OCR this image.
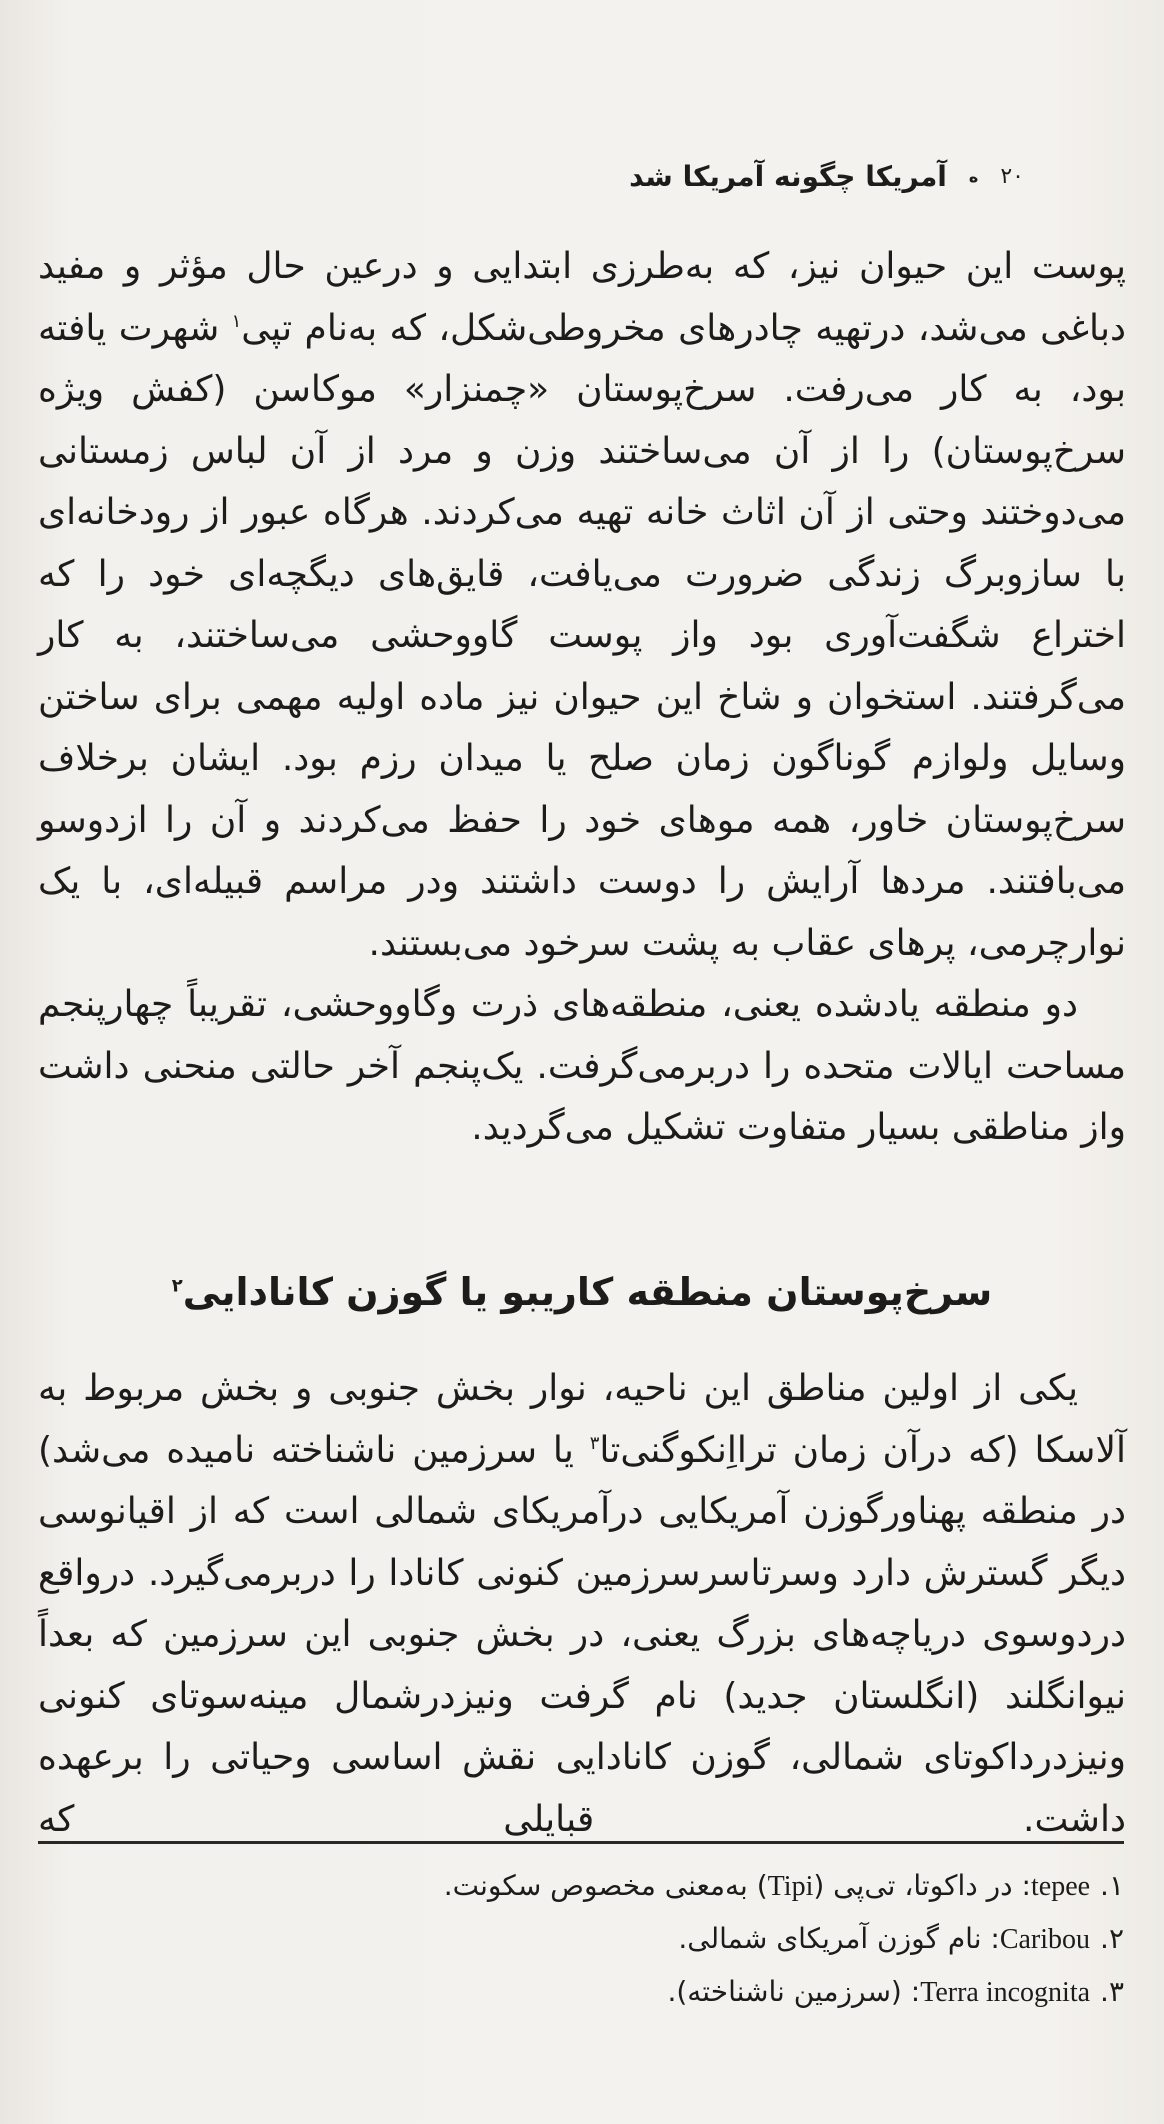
۲۰
ه
آمریکا چگونه آمریکا شد

پوست این حیوان نیز، که به‌طرزی ابتدایی و درعین حال مؤثر و مفید دباغی می‌شد، درتهیه چادرهای مخروطی‌شکل، که به‌نام تپی$^۱$ شهرت یافته بود، به کار می‌رفت. سرخ‌پوستان «چمنزار» موکاسن (کفش ویژه سرخ‌پوستان) را از آن می‌ساختند وزن و مرد از آن لباس زمستانی می‌دوختند وحتی از آن اثاث خانه تهیه می‌کردند. هرگاه عبور از رودخانه‌ای با سازوبرگ زندگی ضرورت می‌یافت، قایق‌های دیگچه‌ای خود را که اختراع شگفت‌آوری بود واز پوست گاووحشی می‌ساختند، به کار می‌گرفتند. استخوان و شاخ این حیوان نیز ماده اولیه مهمی برای ساختن وسایل ولوازم گوناگون زمان صلح یا میدان رزم بود. ایشان برخلاف سرخ‌پوستان خاور، همه موهای خود را حفظ می‌کردند و آن را ازدوسو می‌بافتند. مردها آرایش را دوست داشتند ودر مراسم قبیله‌ای، با یک نوارچرمی، پرهای عقاب به پشت سرخود می‌بستند.

دو منطقه یادشده یعنی، منطقه‌های ذرت وگاووحشی، تقریباً چهارپنجم مساحت ایالات متحده را دربرمی‌گرفت. یک‌پنجم آخر حالتی منحنی داشت واز مناطقی بسیار متفاوت تشکیل می‌گردید.

سرخ‌پوستان منطقه کاریبو یا گوزن کانادایی$^۲$

یکی از اولین مناطق این ناحیه، نوار بخش جنوبی و بخش مربوط به آلاسکا (که درآن زمان ترااِنکوگنی‌تا$^۳$ یا سرزمین ناشناخته نامیده می‌شد) در منطقه پهناورگوزن آمریکایی درآمریکای شمالی است که از اقیانوسی دیگر گسترش دارد وسرتاسرسرزمین کنونی کانادا را دربرمی‌گیرد. درواقع دردوسوی دریاچه‌های بزرگ یعنی، در بخش جنوبی این سرزمین که بعداً نیوانگلند (انگلستان جدید) نام گرفت ونیزدرشمال مینه‌سوتای کنونی ونیزدرداکوتای شمالی، گوزن کانادایی نقش اساسی وحیاتی را برعهده داشت. قبایلی که

۱.tepee: در داکوتا، تی‌پی (Tipi) به‌معنی مخصوص سکونت.
۲.Caribou: نام گوزن آمریکای شمالی.
۳.Terra incognita: (سرزمین ناشناخته).
